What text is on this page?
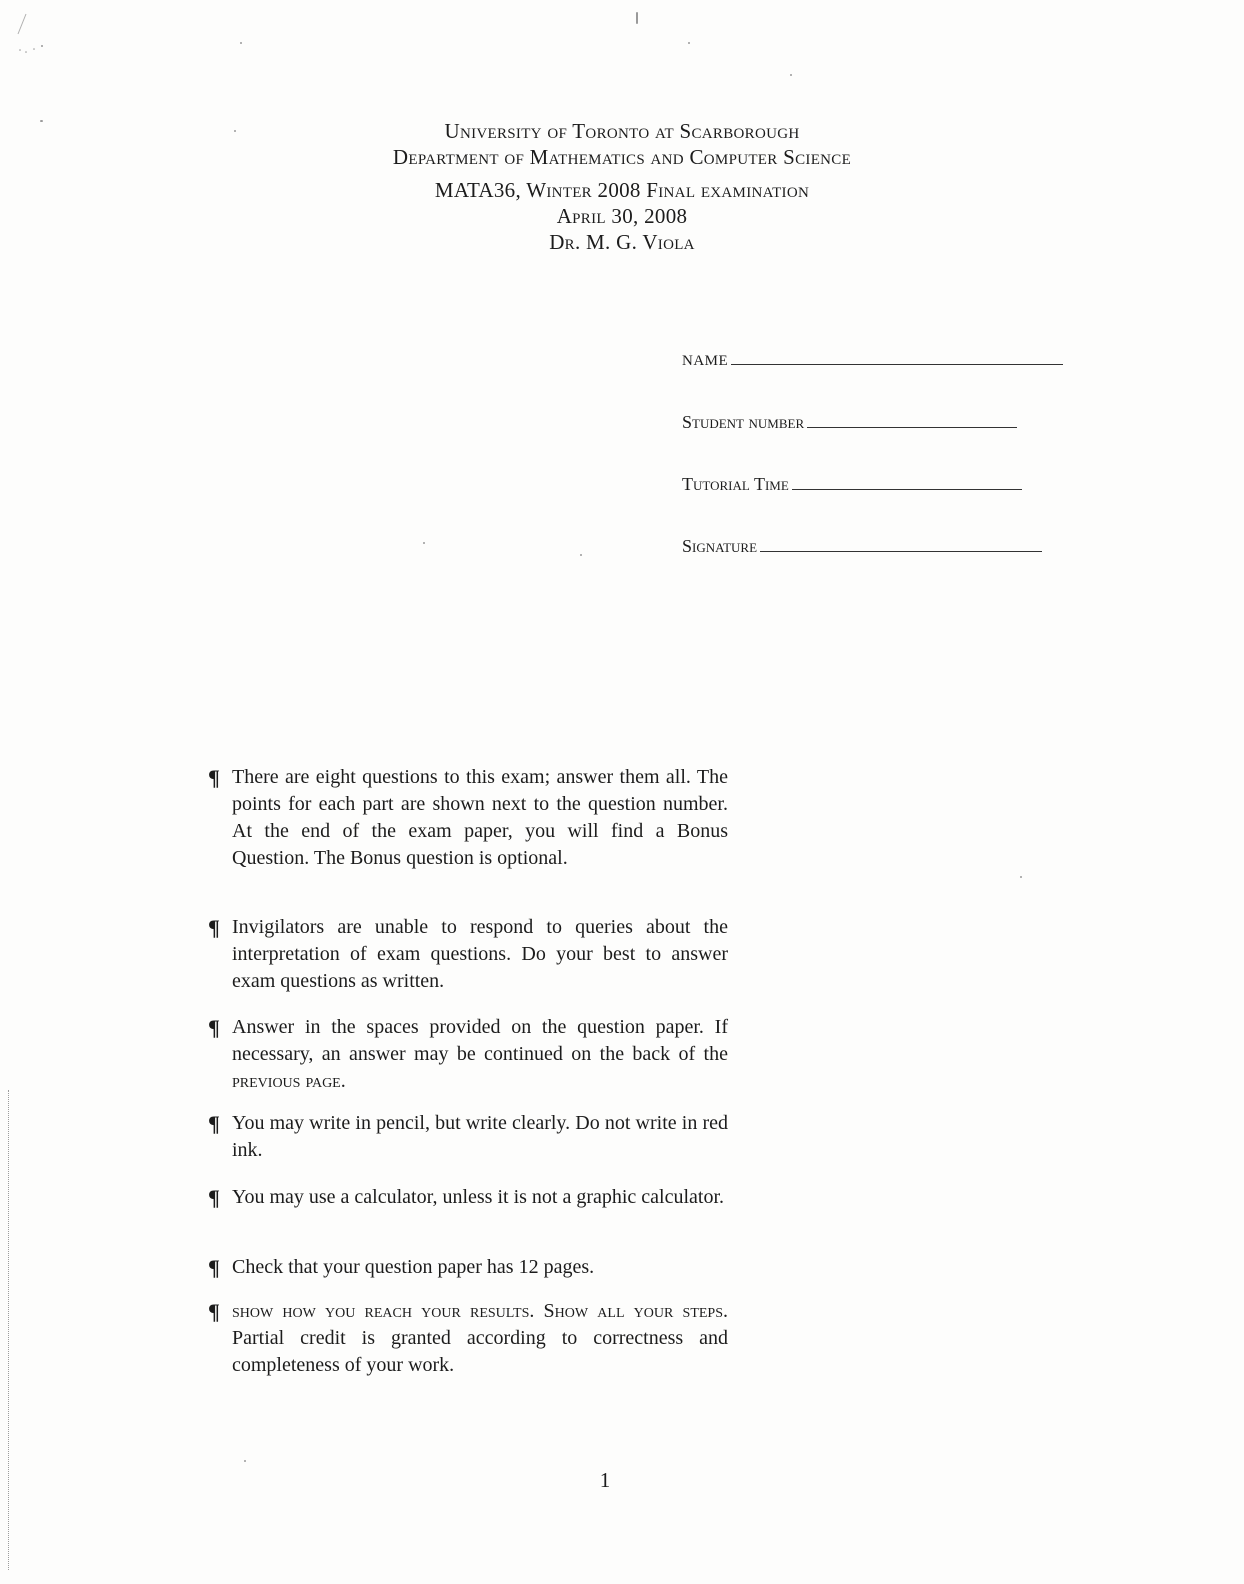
University of Toronto at Scarborough
Department of Mathematics and Computer Science
MATA36, Winter 2008 Final examination
April 30, 2008
Dr. M. G. Viola
NAME
Student number
Tutorial Time
Signature
¶ There are eight questions to this exam; answer them all. The points for each part are shown next to the question number. At the end of the exam paper, you will find a Bonus Question. The Bonus question is optional.
¶ Invigilators are unable to respond to queries about the interpretation of exam questions. Do your best to answer exam questions as written.
¶ Answer in the spaces provided on the question paper. If necessary, an answer may be continued on the back of the previous page.
¶ You may write in pencil, but write clearly. Do not write in red ink.
¶ You may use a calculator, unless it is not a graphic calculator.
¶ Check that your question paper has 12 pages.
¶ show how you reach your results. Show all your steps. Partial credit is granted according to correctness and completeness of your work.
1
